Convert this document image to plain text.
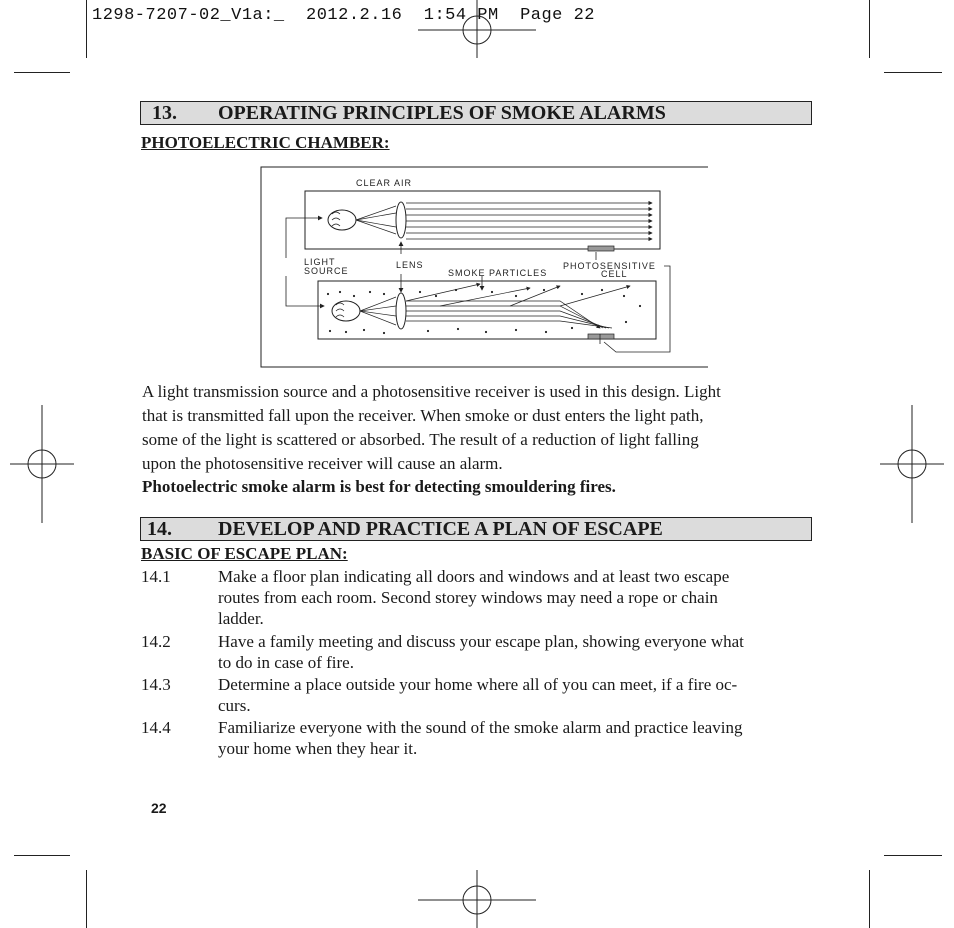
1298-7207-02_V1a:_  2012.2.16  1:54 PM  Page 22
13. OPERATING PRINCIPLES OF SMOKE ALARMS
PHOTOELECTRIC CHAMBER:
CLEAR AIR
LIGHT
SOURCE
LENS
SMOKE PARTICLES
PHOTOSENSITIVE
CELL

A light transmission source and a photosensitive receiver is used in this design. Light

that is transmitted fall upon the receiver. When smoke or dust enters the light path,

some of the light is scattered or absorbed. The result of a reduction of light falling

upon the photosensitive receiver will cause an alarm.

Photoelectric smoke alarm is best for detecting smouldering fires.
14. DEVELOP AND PRACTICE A PLAN OF ESCAPE
BASIC OF ESCAPE PLAN:
14.1	Make a floor plan indicating all doors and windows and at least two escape
routes from each room. Second storey windows may need a rope or chain
ladder.
14.2	Have a family meeting and discuss your escape plan, showing everyone what
to do in case of fire.
14.3	Determine a place outside your home where all of you can meet, if a fire oc-
curs.
14.4	Familiarize everyone with the sound of the smoke alarm and practice leaving
your home when they hear it.
22
